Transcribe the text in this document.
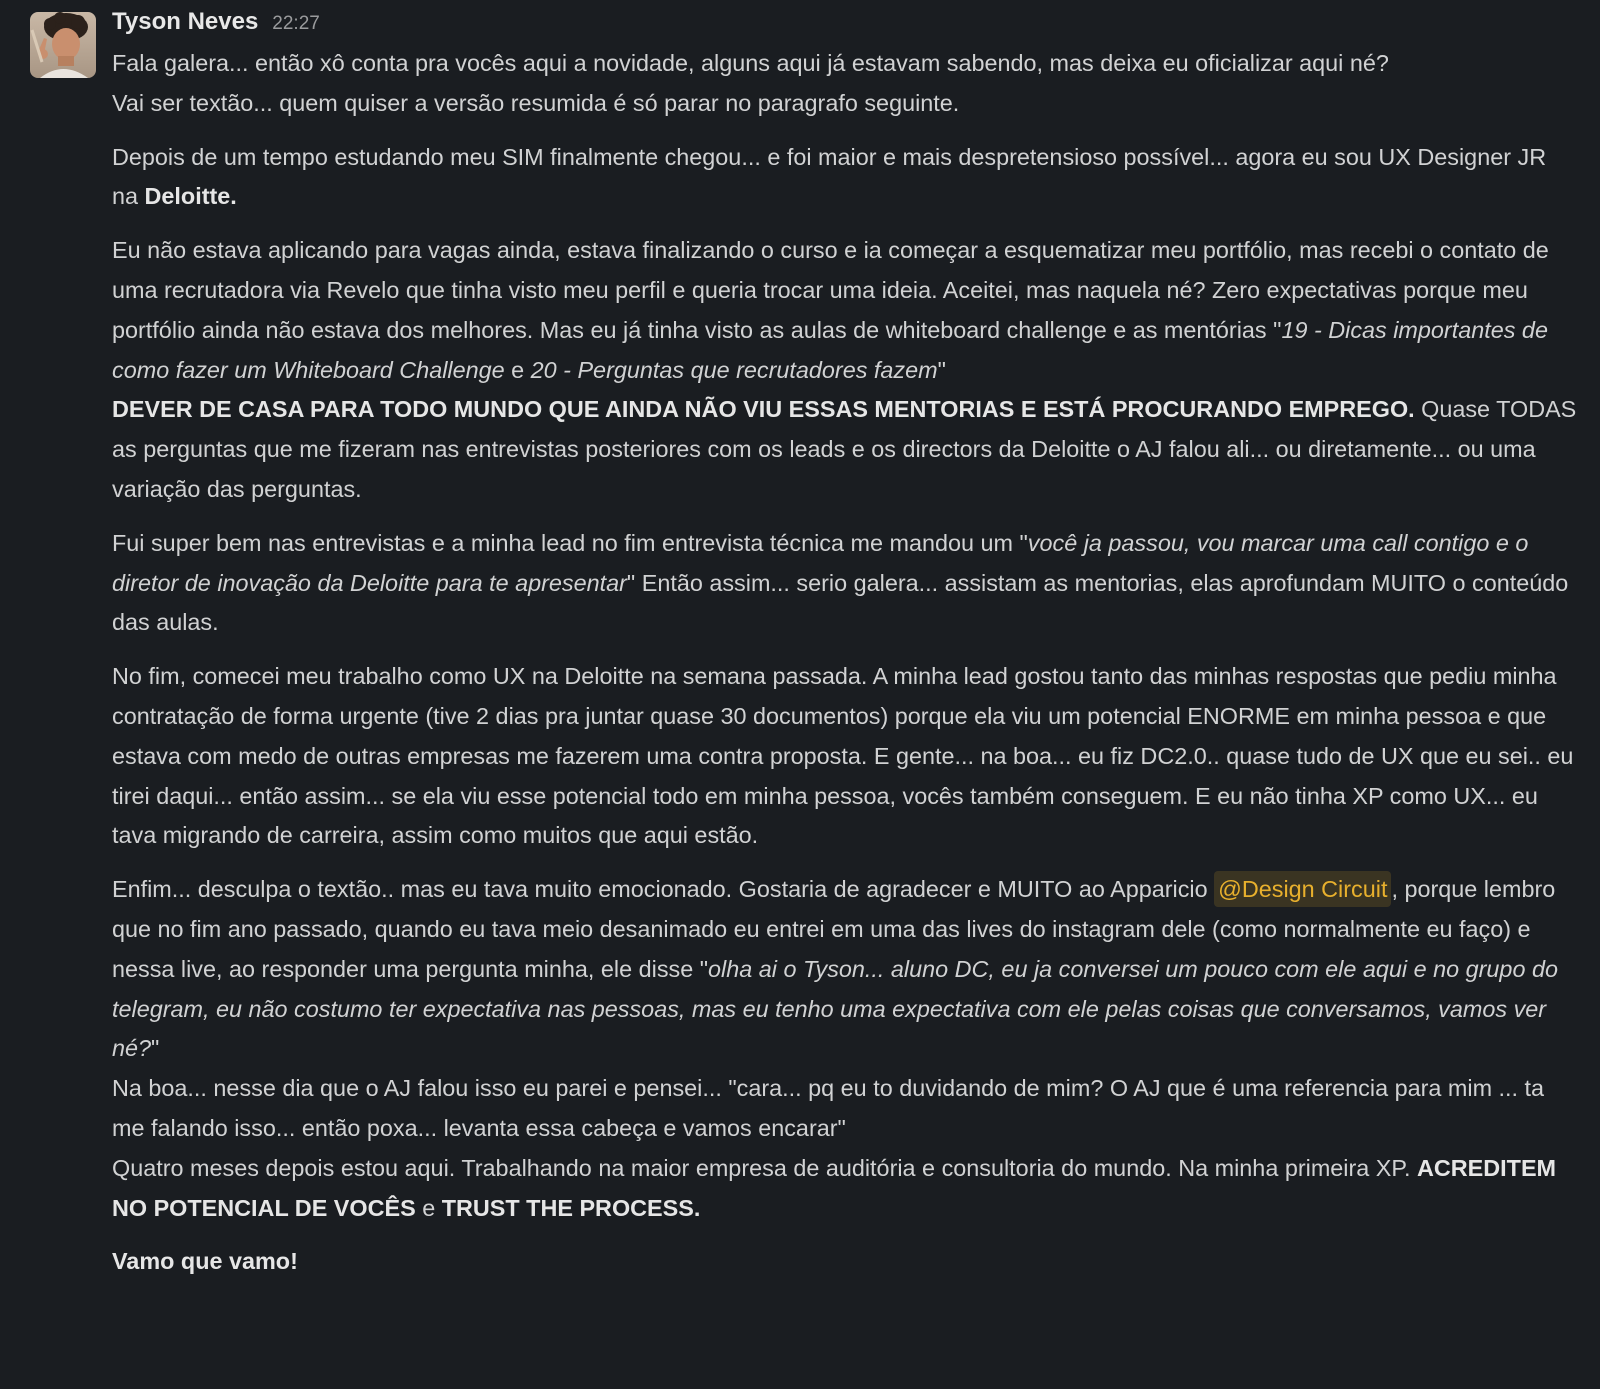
Tyson Neves 22:27

Fala galera... então xô conta pra vocês aqui a novidade, alguns aqui já estavam sabendo, mas deixa eu oficializar aqui né?
Vai ser textão... quem quiser a versão resumida é só parar no paragrafo seguinte.

Depois de um tempo estudando meu SIM finalmente chegou... e foi maior e mais despretensioso possível... agora eu sou UX Designer JR na Deloitte.

Eu não estava aplicando para vagas ainda, estava finalizando o curso e ia começar a esquematizar meu portfólio, mas recebi o contato de uma recrutadora via Revelo que tinha visto meu perfil e queria trocar uma ideia. Aceitei, mas naquela né? Zero expectativas porque meu portfólio ainda não estava dos melhores. Mas eu já tinha visto as aulas de whiteboard challenge e as mentórias "19 - Dicas importantes de como fazer um Whiteboard Challenge e 20 - Perguntas que recrutadores fazem"

DEVER DE CASA PARA TODO MUNDO QUE AINDA NÃO VIU ESSAS MENTORIAS E ESTÁ PROCURANDO EMPREGO. Quase TODAS as perguntas que me fizeram nas entrevistas posteriores com os leads e os directors da Deloitte o AJ falou ali... ou diretamente... ou uma variação das perguntas.

Fui super bem nas entrevistas e a minha lead no fim entrevista técnica me mandou um "você ja passou, vou marcar uma call contigo e o diretor de inovação da Deloitte para te apresentar" Então assim... serio galera... assistam as mentorias, elas aprofundam MUITO o conteúdo das aulas.

No fim, comecei meu trabalho como UX na Deloitte na semana passada. A minha lead gostou tanto das minhas respostas que pediu minha contratação de forma urgente (tive 2 dias pra juntar quase 30 documentos) porque ela viu um potencial ENORME em minha pessoa e que estava com medo de outras empresas me fazerem uma contra proposta. E gente... na boa... eu fiz DC2.0.. quase tudo de UX que eu sei.. eu tirei daqui... então assim... se ela viu esse potencial todo em minha pessoa, vocês também conseguem. E eu não tinha XP como UX... eu tava migrando de carreira, assim como muitos que aqui estão.

Enfim... desculpa o textão.. mas eu tava muito emocionado. Gostaria de agradecer e MUITO ao Apparicio @Design Circuit , porque lembro que no fim ano passado, quando eu tava meio desanimado eu entrei em uma das lives do instagram dele (como normalmente eu faço) e nessa live, ao responder uma pergunta minha, ele disse "olha ai o Tyson... aluno DC, eu ja conversei um pouco com ele aqui e no grupo do telegram, eu não costumo ter expectativa nas pessoas, mas eu tenho uma expectativa com ele pelas coisas que conversamos, vamos ver né?"

Na boa... nesse dia que o AJ falou isso eu parei e pensei... "cara... pq eu to duvidando de mim? O AJ que é uma referencia para mim ... ta me falando isso... então poxa... levanta essa cabeça e vamos encarar"

Quatro meses depois estou aqui. Trabalhando na maior empresa de auditória e consultoria do mundo. Na minha primeira XP. ACREDITEM NO POTENCIAL DE VOCÊS e TRUST THE PROCESS.

Vamo que vamo!
